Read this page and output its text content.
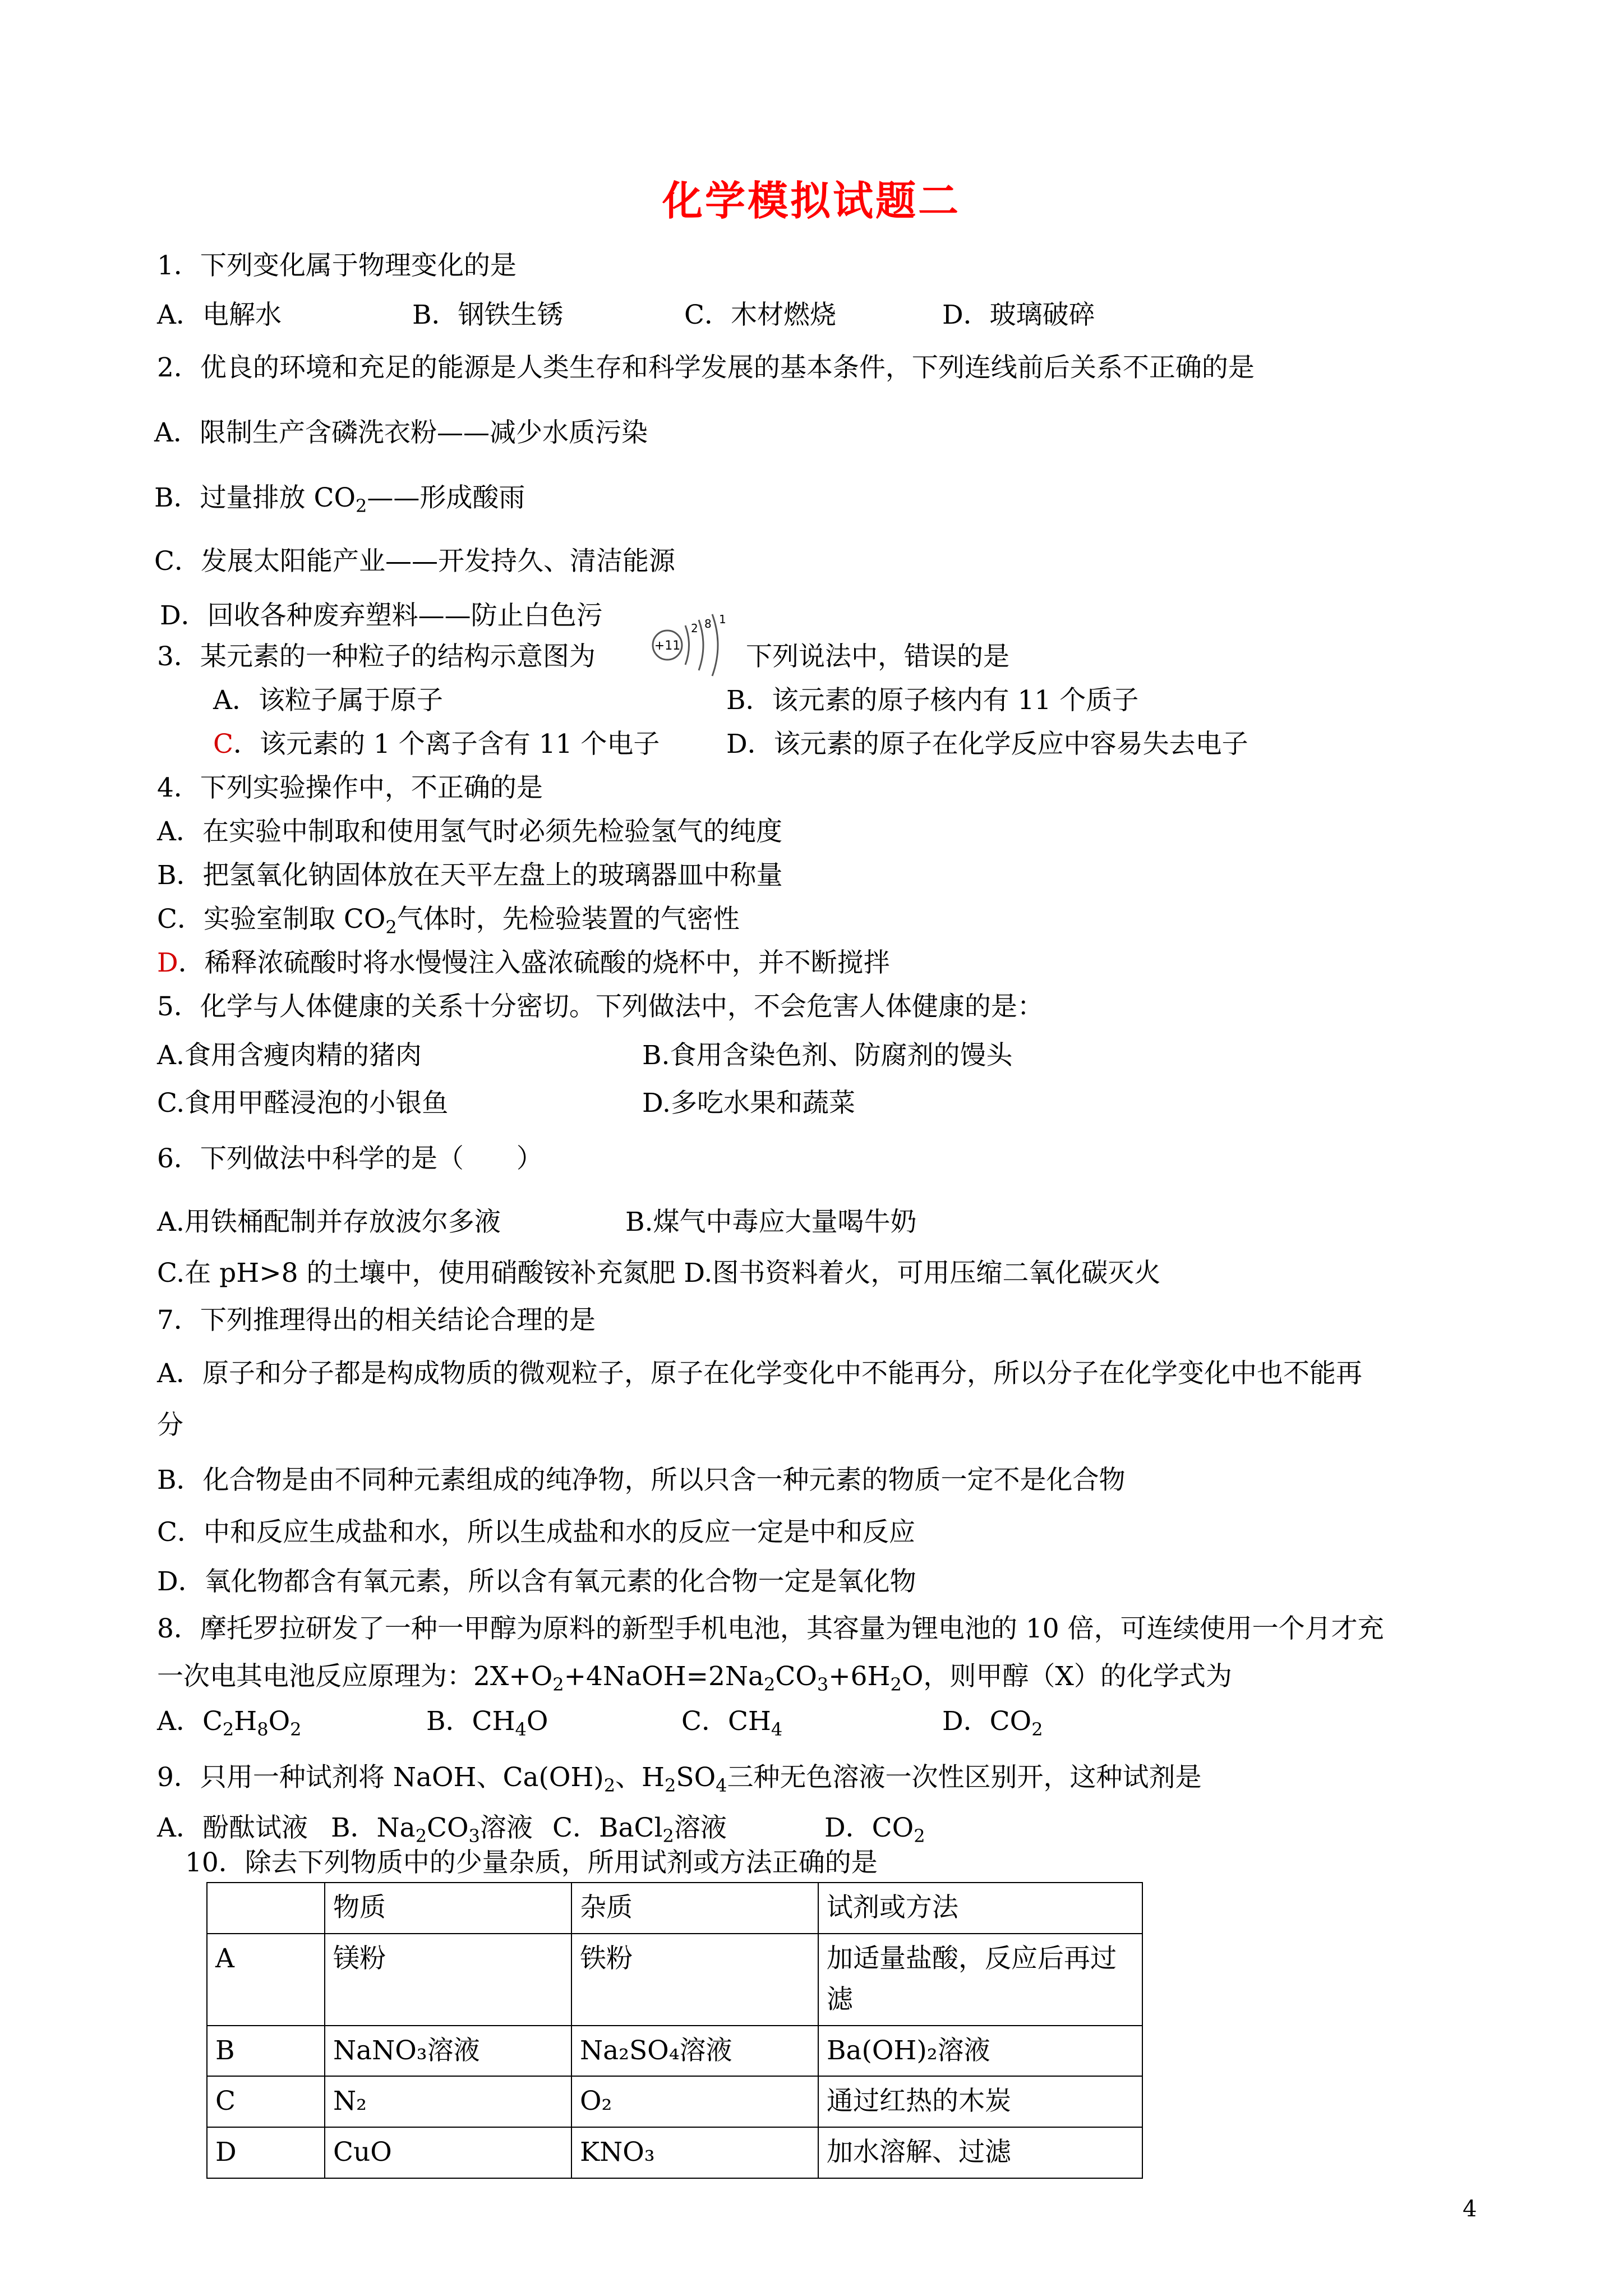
化学模拟试题二
1．下列变化属于物理变化的是
A．电解水	B．钢铁生锈	C．木材燃烧	D．玻璃破碎
2．优良的环境和充足的能源是人类生存和科学发展的基本条件，下列连线前后关系不正确的是
A．限制生产含磷洗衣粉——减少水质污染
B．过量排放 $CO_2——$形成酸雨
C．发展太阳能产业——开发持久、清洁能源
D．回收各种废弃塑料——防止白色污
3．某元素的一种粒子的结构示意图为	+11
2 8 1
下列说法中，错误的是
A．该粒子属于原子	B．该元素的原子核内有 11 个质子
C．该元素的 1 个离子含有 11 个电子	D．该元素的原子在化学反应中容易失去电子
4．下列实验操作中，不正确的是
A．在实验中制取和使用氢气时必须先检验氢气的纯度
B．把氢氧化钠固体放在天平左盘上的玻璃器皿中称量
C．实验室制取 $CO_2$气体时，先检验装置的气密性
D．稀释浓硫酸时将水慢慢注入盛浓硫酸的烧杯中，并不断搅拌
5．化学与人体健康的关系十分密切。下列做法中，不会危害人体健康的是：
A.食用含瘦肉精的猪肉	B.食用含染色剂、防腐剂的馒头
C.食用甲醛浸泡的小银鱼	D.多吃水果和蔬菜
6．下列做法中科学的是（　　）
A.用铁桶配制并存放波尔多液	B.煤气中毒应大量喝牛奶
C.在 pH>8 的土壤中，使用硝酸铵补充氮肥 D.图书资料着火，可用压缩二氧化碳灭火
7．下列推理得出的相关结论合理的是
A．原子和分子都是构成物质的微观粒子，原子在化学变化中不能再分，所以分子在化学变化中也不能再
分
B．化合物是由不同种元素组成的纯净物，所以只含一种元素的物质一定不是化合物
C．中和反应生成盐和水，所以生成盐和水的反应一定是中和反应
D．氧化物都含有氧元素，所以含有氧元素的化合物一定是氧化物
8．摩托罗拉研发了一种一甲醇为原料的新型手机电池，其容量为锂电池的 10 倍，可连续使用一个月才充
一次电其电池反应原理为：$2X+O_2+4NaOH=2Na_2CO_3+6H_2O$，则甲醇（X）的化学式为
A．$C_2H_8O_2$	B．$CH_4O$	C．$CH_4$	D．$CO_2$
9．只用一种试剂将 NaOH、$Ca(OH)_2$、$H_2SO_4$三种无色溶液一次性区别开，这种试剂是
A．酚酞试液 B．$Na_2CO_3$溶液 C．BaCl$_2$溶液	D．$CO_2$
10．除去下列物质中的少量杂质，所用试剂或方法正确的是
	物质	杂质	试剂或方法
A	镁粉	铁粉	加适量盐酸，反应后再过滤
B	NaNO₃溶液	Na₂SO₄溶液	Ba(OH)₂溶液
C	N₂	O₂	通过红热的木炭
D	CuO	KNO₃	加水溶解、过滤
4
